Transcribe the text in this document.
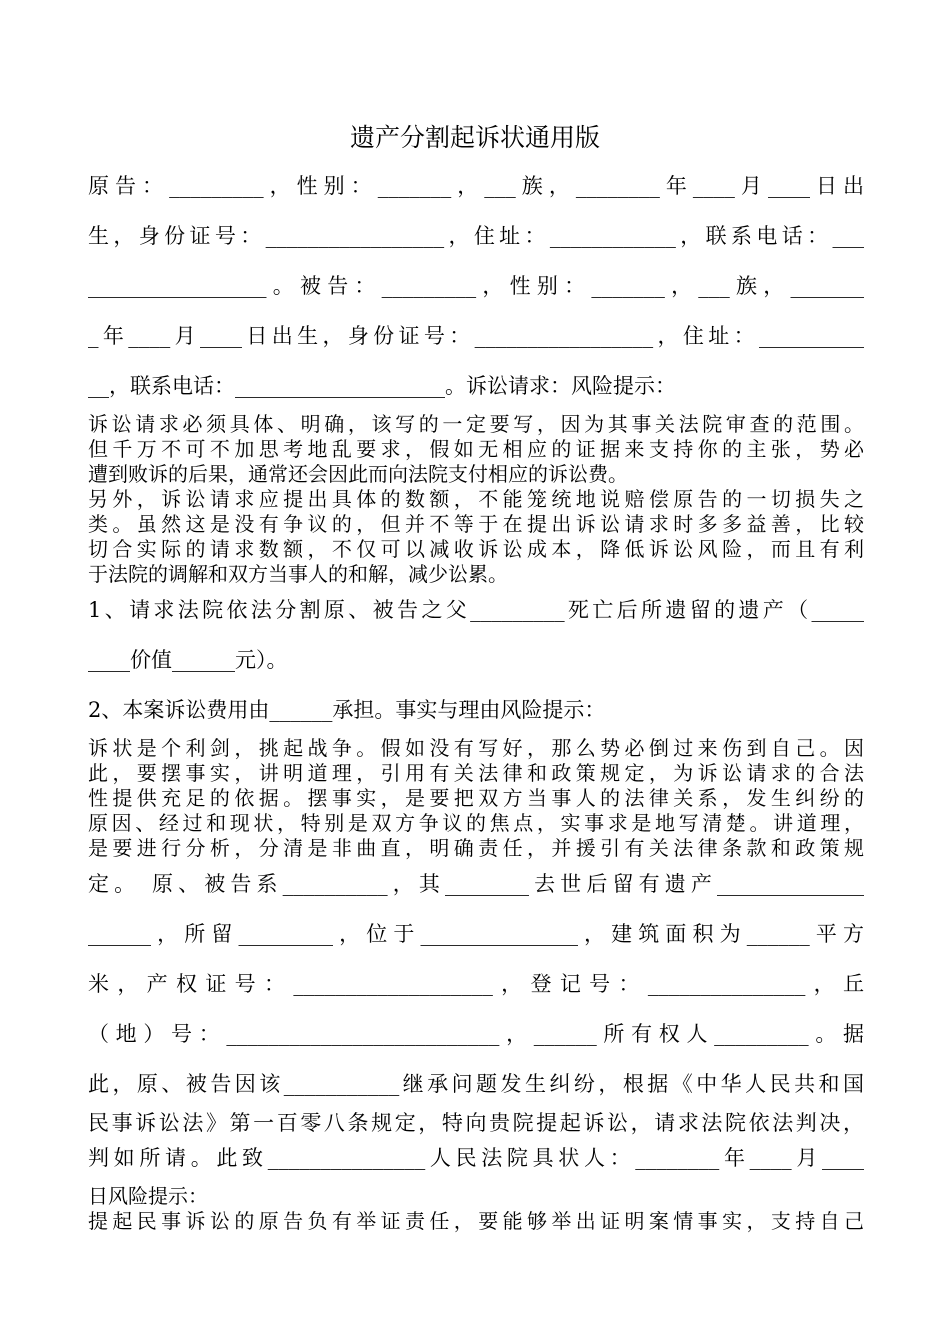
遗产分割起诉状通用版
原告：_________，性别：_______，___族，________年____月____日出
生，身份证号：_________________，住址：____________，联系电话：___
_________________。被告：_________，性别：_______，___族，_______
_年____月____日出生，身份证号：_________________，住址：__________
__，联系电话：____________________。诉讼请求：风险提示：
诉讼请求必须具体、明确，该写的一定要写，因为其事关法院审查的范围。
但千万不可不加思考地乱要求，假如无相应的证据来支持你的主张，势必
遭到败诉的后果，通常还会因此而向法院支付相应的诉讼费。
另外，诉讼请求应提出具体的数额，不能笼统地说赔偿原告的一切损失之
类。虽然这是没有争议的，但并不等于在提出诉讼请求时多多益善，比较
切合实际的请求数额，不仅可以减收诉讼成本，降低诉讼风险，而且有利
于法院的调解和双方当事人的和解，减少讼累。
1、请求法院依法分割原、被告之父_________死亡后所遗留的遗产（_____
____价值______元）。
2、本案诉讼费用由______承担。事实与理由风险提示：
诉状是个利剑，挑起战争。假如没有写好，那么势必倒过来伤到自己。因
此，要摆事实，讲明道理，引用有关法律和政策规定，为诉讼请求的合法
性提供充足的依据。摆事实，是要把双方当事人的法律关系，发生纠纷的
原因、经过和现状，特别是双方争议的焦点，实事求是地写清楚。讲道理，
是要进行分析，分清是非曲直，明确责任，并援引有关法律条款和政策规
定。 原、被告系__________，其________去世后留有遗产______________
______，所留_________，位于_______________，建筑面积为______平方
米，产权证号：___________________，登记号：_______________，丘
（地）号：__________________________，______所有权人_________。据
此，原、被告因该___________继承问题发生纠纷，根据《中华人民共和国
民事诉讼法》第一百零八条规定，特向贵院提起诉讼，请求法院依法判决，
判如所请。此致_______________人民法院具状人：________年____月____
日风险提示：
提起民事诉讼的原告负有举证责任，要能够举出证明案情事实，支持自己
